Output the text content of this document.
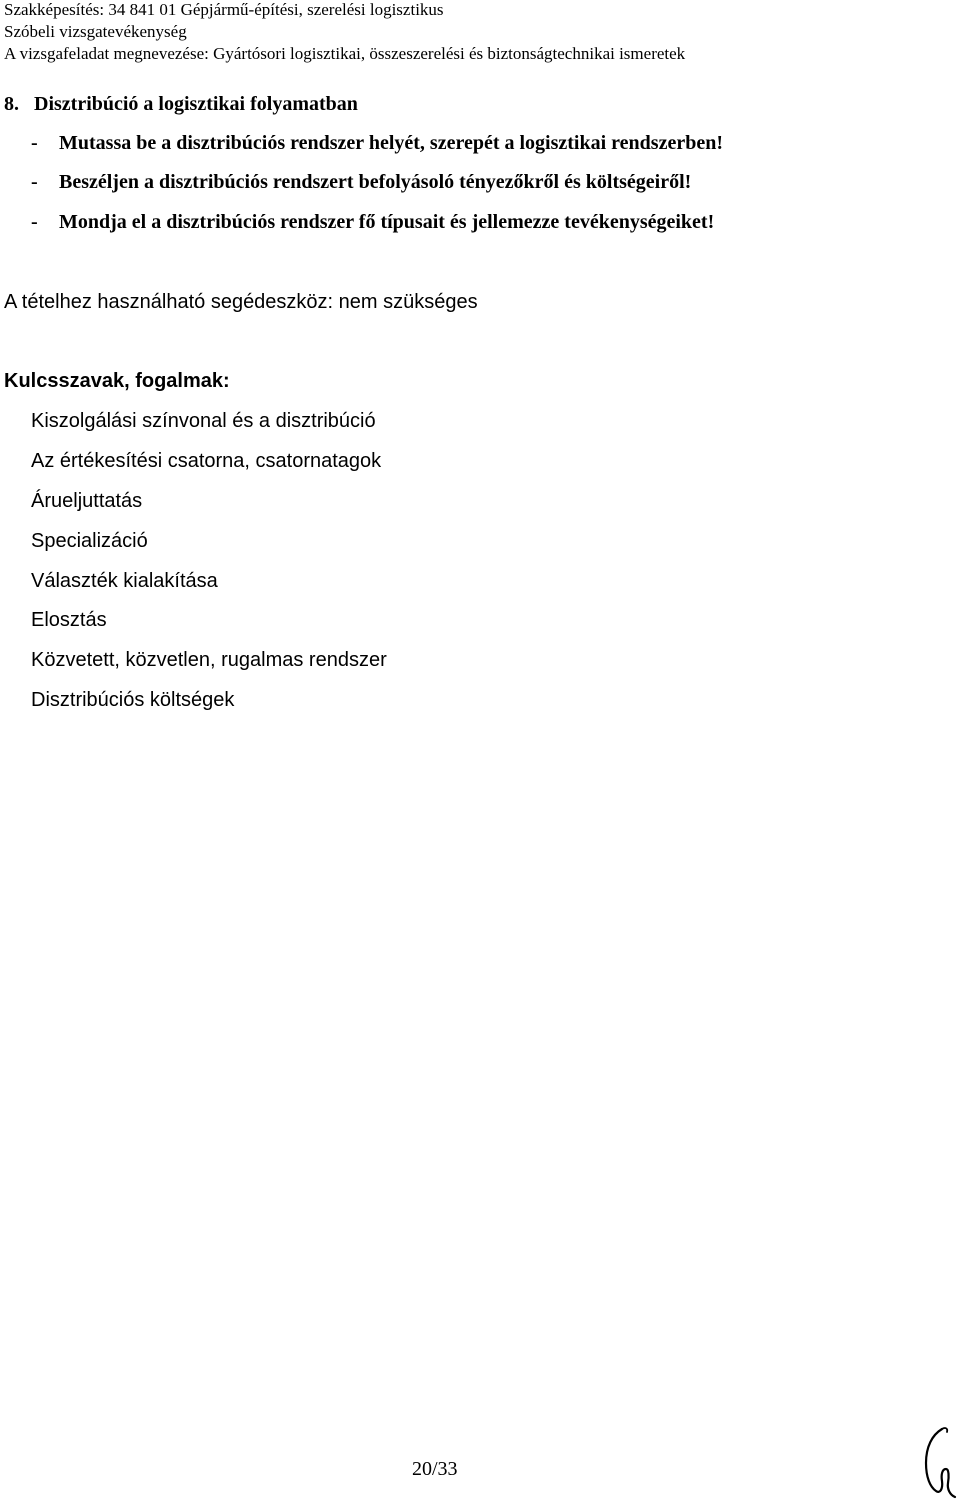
Szakképesítés: 34 841 01 Gépjármű-építési, szerelési logisztikus
Szóbeli vizsgatevékenység
A vizsgafeladat megnevezése: Gyártósori logisztikai, összeszerelési és biztonságtechnikai ismeretek
8. Disztribúció a logisztikai folyamatban
- Mutassa be a disztribúciós rendszer helyét, szerepét a logisztikai rendszerben!
- Beszéljen a disztribúciós rendszert befolyásoló tényezőkről és költségeiről!
- Mondja el a disztribúciós rendszer fő típusait és jellemezze tevékenységeiket!
A tételhez használható segédeszköz: nem szükséges
Kulcsszavak, fogalmak:
Kiszolgálási színvonal és a disztribúció
Az értékesítési csatorna, csatornatagok
Árueljuttatás
Specializáció
Választék kialakítása
Elosztás
Közvetett, közvetlen, rugalmas rendszer
Disztribúciós költségek
20/33
